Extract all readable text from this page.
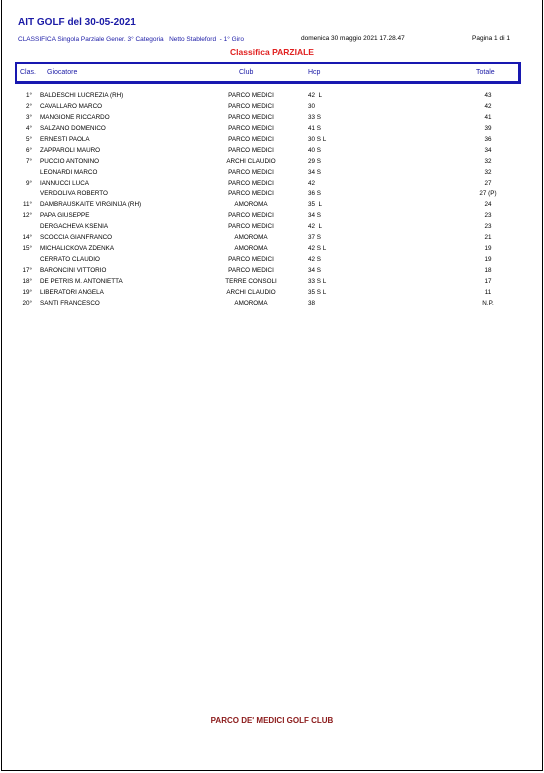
AIT GOLF del 30-05-2021
CLASSIFICA Singola Parziale Gener. 3° Categoria   Netto Stableford  - 1° Giro	domenica 30 maggio 2021 17.28.47	Pagina 1 di 1
Classifica PARZIALE
Clas. Giocatore	Club	Hcp	Totale
1° BALDESCHI LUCREZIA (RH)	PARCO MEDICI	42  L	43
2° CAVALLARO MARCO	PARCO MEDICI	30	42
3° MANGIONE RICCARDO	PARCO MEDICI	33 S	41
4° SALZANO DOMENICO	PARCO MEDICI	41 S	39
5° ERNESTI PAOLA	PARCO MEDICI	30 S L	36
6° ZAPPAROLI MAURO	PARCO MEDICI	40 S	34
7° PUCCIO ANTONINO	ARCHI CLAUDIO	29 S	32
LEONARDI MARCO	PARCO MEDICI	34 S	32
9° IANNUCCI LUCA	PARCO MEDICI	42	27
VERDOLIVA ROBERTO	PARCO MEDICI	36 S	27 (P)
11° DAMBRAUSKAITE VIRGINIJA (RH)	AMOROMA	35  L	24
12° PAPA GIUSEPPE	PARCO MEDICI	34 S	23
DERGACHEVA KSENIA	PARCO MEDICI	42  L	23
14° SCOCCIA GIANFRANCO	AMOROMA	37 S	21
15° MICHALICKOVA ZDENKA	AMOROMA	42 S L	19
CERRATO CLAUDIO	PARCO MEDICI	42 S	19
17° BARONCINI VITTORIO	PARCO MEDICI	34 S	18
18° DE PETRIS M. ANTONIETTA	TERRE CONSOLI	33 S L	17
19° LIBERATORI ANGELA	ARCHI CLAUDIO	35 S L	11
20° SANTI FRANCESCO	AMOROMA	38	N.P.
PARCO DE' MEDICI GOLF CLUB
